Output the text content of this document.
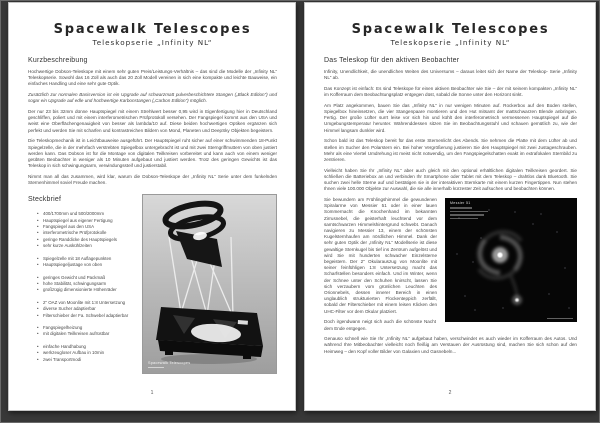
Spacewalk Telescopes
Teleskopserie „Infinity NL“
Kurzbeschreibung

Hochwertige Dobson-Teleskope mit einem sehr guten Preis/Leistungs-Verhältnis – das sind die Modelle der „Infinity NL“ Teleskopserie. Sowohl das 16 Zoll als auch das 20 Zoll Modell vereinen in sich eine kompakte und leichte Bauweise, ein einfaches Handling und eine sehr gute Optik.

Zusätzlich zur normalen Basisversion ist ein Upgrade auf schwarzmatt pulverbeschichtete Stangen („Black Edition“) und sogar ein Upgrade auf edle und hochwertige Karbonstangen („Carbon Edition“) möglich.

Der nur 23 bis 32mm dünne Hauptspiegel mit einem Strehlwert besser 0,95 wird in Eigenfertigung hier in Deutschland geschliffen, poliert und mit einem interferometrischen Prüfprotokoll versehen. Der Fangspiegel kommt aus den USA und weist eine Oberflächengenauigkeit von besser als lambda/10 auf. Diese beiden hochwertigen Optiken ergänzen sich perfekt und werden Sie mit scharfen und kontrastreichen Bildern von Mond, Planeten und DeepSky Objekten begeistern.

Die Teleskopmechanik ist in Leichtbauweise ausgeführt. Der Hauptspiegel ruht sicher auf einer schwimmenden 18-Punkt Spiegelzelle, die in der mehrfach verstrebten Spiegelbox untergebracht ist und mit zwei Sterngriffmuttern von oben justiert werden kann. Das Dobson ist für die Montage von digitalen Teilkreisen vorbereitet und kann auch von einem weniger geübten Beobachter in weniger als 10 Minuten aufgebaut und justiert werden. Trotz des geringen Gewichts ist das Teleskop in sich schwingungsarm, verwindungssteif und justierstabil.

Nimmt man all das zusammen, wird klar, warum die Dobson-Teleskope der „Infinity NL“ Serie unter dem funkelnden Sternenhimmel soviel Freude machen.

Steckbrief
• 400/1700mm und 500/2000mm
• Hauptspiegel aus eigener Fertigung
• Fangspiegel aus den USA
• interferometrische Prüfprotokolle
• geringe Randdicke des Hauptspiegels
• sehr kurze Auskühlzeiten
• Spiegelzelle mit 18 Auflagepunkten
• Hauptspiegeljustage von oben
• geringes Gewicht und Packmaß
• hohe Stabilität, schwingungsarm
• großzügig dimensionierte Höhenräder
• 2" OAZ von Moonlite mit 1:8 Untersetzung
• diverse Sucher adaptierbar
• Filterschieber der Fa. Schwebel adaptierbar
• Fangspiegelheizung
• mit digitalen Teilkreisen aufrüstbar
• einfache Handhabung
• werkzeugloser Aufbau in 10min
• zwei Transportmodi
Spacewalk Telescopes
1
Spacewalk Telescopes
Teleskopserie „Infinity NL“
Das Teleskop für den aktiven Beobachter

Infinity, Unendlichkeit, die unendlichen Weiten des Universums – daraus leitet sich der Name der Teleskop- Serie „Infinity NL“ ab.

Das Konzept ist einfach: Es sind Teleskope für einen aktiven Beobachter wie Sie – der mit seinem kompakten „Infinity NL“ im Kofferraum dem Beobachtungsplatz entgegen düst, sobald die Sonne unter den Horizont sinkt.

Am Platz angekommen, bauen Sie das „Infinity NL“ in nur wenigen Minuten auf. Rockerbox auf den Boden stellen, Spiegelbox hineinsetzen, die vier Stangenpaare montieren und den Hut mitsamt der mattschwarzen Blende anbringen. Fertig. Der große Lüfter surrt leise vor sich hin und kühlt den interferometrisch vermessenen Hauptspiegel auf die Umgebungstemperatur herunter. Währenddessen sitzen Sie im Beobachtungsstuhl und schauen gemütlich zu, wie der Himmel langsam dunkler wird.

Schon bald ist das Teleskop bereit für das erste Sternenlicht des Abends. Sie nehmen die Platte mit dem Lüfter ab und stellen im Sucher den Polarstern ein. Bei hoher Vergrößerung justieren Sie den Hauptspiegel mit zwei Justageschrauben. Mehr als eine Viertel Umdrehung ist meist nicht notwendig, um den Fangspiegelschatten exakt im extrafokalen Sternbild zu zentrieren.

Vielleicht haben Sie Ihr „Infinity NL“ aber auch gleich mit den optional erhältlichen digitalen Teilkreisen geordert. Sie schließen die Batteriebox an und verbinden Ihr Smartphone oder Tablet mit dem Teleskop – drahtlos dank Bluetooth. Sie suchen zwei helle Sterne auf und bestätigen sie in der interaktiven Sternkarte mit einem kurzen Fingertippen. Nun stehen Ihnen viele 100.000 Objekte zur Auswahl, die sie alle innerhalb kürzester Zeit aufsuchen und beobachten können.

Messier 51

Sie bewundern am Frühlingshimmel die gewundenen Spiralarme von Messier 51 oder in einer lauen Sommernacht die Knochenhand im bekannten Zirrusnebel, die geisterhaft leuchtend vor dem samtschwarzen Himmelshintergrund schwebt. Danach navigieren zu Messier 13, einem der schönsten Kugelsternhaufen am nördlichen Himmel. Dank der sehr guten Optik der „Infinity NL“ Modellserie ist diese gewaltige Sternkugel bis tief ins Zentrum aufgelöst und wird Sie mit hunderten schwacher Einzelsterne begeistern. Der 2" Okularauszug von Moonlite mit seiner feinfühligen 1:8 Untersetzung macht das Scharfstellen besonders einfach. Und im Winter, wenn der Schnee unter den Schuhen knirscht, lassen Sie sich verzaubern vom grünlichen Leuchten des Orionnebels, dessen innerer Bereich in einen unglaublich strukturierten Flockenteppich zerfällt, sobald der Filterschieber mit einem leisen Klicken den UHC-Filter vor dem Okular platziert.

Doch irgendwann neigt sich auch die schönste Nacht dem Ende entgegen.

Genauso schnell wie Sie Ihr „Infinity NL“ aufgebaut haben, verschwindet es auch wieder im Kofferraum des Autos. Und während Ihre Mitbeobachter vielleicht noch fleißig am Verstauen der Ausrüstung sind, machen Sie sich schon auf den Heimweg – den Kopf voller Bilder von Galaxien und Gasnebeln...

2
